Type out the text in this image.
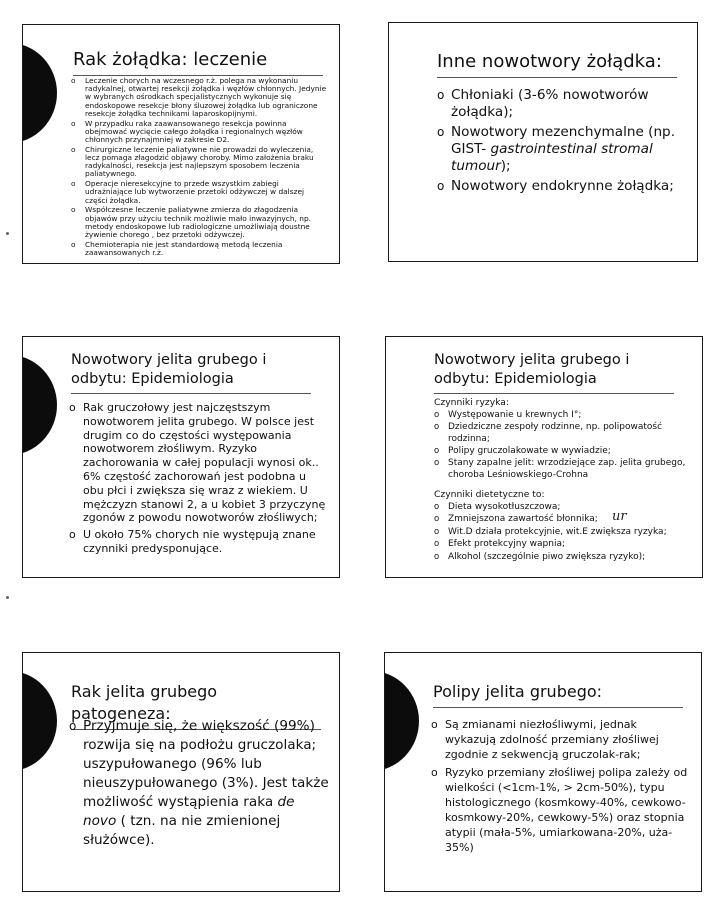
Rak żołądka: leczenie
o Leczenie chorych na wczesnego r.ż. polega na wykonaniu radykalnej, otwartej resekcji żołądka i węzłów chłonnych. Jedynie w wybranych ośrodkach specjalistycznych wykonuje się endoskopowe resekcje błony śluzowej żołądka lub ograniczone resekcje żołądka technikami laparoskopijnymi.
o W przypadku raka zaawansowanego resekcja powinna obejmować wycięcie całego żołądka i regionalnych węzłów chłonnych przynajmniej w zakresie D2.
o Chirurgiczne leczenie paliatywne nie prowadzi do wyleczenia, lecz pomaga złagodzić objawy choroby. Mimo założenia braku radykalności, resekcja jest najlepszym sposobem leczenia paliatywnego.
o Operacje nieresekcyjne to przede wszystkim zabiegi udrażniające lub wytworzenie przetoki odżywczej w dalszej części żołądka.
o Współczesne leczenie paliatywne zmierza do złagodzenia objawów przy użyciu technik możliwie mało inwazyjnych, np. metody endoskopowe lub radiologiczne umożliwiają doustne żywienie chorego , bez przetoki odżywczej.
o Chemioterapia nie jest standardową metodą leczenia zaawansowanych r.ż.
Inne nowotwory żołądka:
o Chłoniaki (3-6% nowotworów żołądka);
o Nowotwory mezenchymalne (np. GIST- gastrointestinal stromal tumour);
o Nowotwory endokrynne żołądka;
Nowotwory jelita grubego i odbytu: Epidemiologia
o Rak gruczołowy jest najczęstszym nowotworem jelita grubego. W polsce jest drugim co do częstości występowania nowotworem złośliwym. Ryzyko zachorowania w całej populacji wynosi ok.. 6% częstość zachorowań jest podobna u obu płci i zwiększa się wraz z wiekiem. U mężczyzn stanowi 2, a u kobiet 3 przyczynę zgonów z powodu nowotworów złośliwych;
o U około 75% chorych nie występują znane czynniki predysponujące.
Nowotwory jelita grubego i odbytu: Epidemiologia
Czynniki ryzyka:
o Występowanie u krewnych I°;
o Dziedziczne zespoły rodzinne, np. polipowatość rodzinna;
o Polipy gruczolakowate w wywiadzie;
o Stany zapalne jelit: wrzodziejące zap. jelita grubego, choroba Leśniowskiego-Crohna
Czynniki dietetyczne to:
o Dieta wysokotłuszczowa;
o Zmniejszona zawartość błonnika;
o Wit.D działa protekcyjnie, wit.E zwiększa ryzyka;
o Efekt protekcyjny wapnia;
o Alkohol (szczególnie piwo zwiększa ryzyko);
ur
Rak jelita grubego patogeneza:
o Przyjmuje się, że większość (99%) rozwija się na podłożu gruczolaka; uszypułowanego (96% lub nieuszypułowanego (3%). Jest także możliwość wystąpienia raka de novo ( tzn. na nie zmienionej służówce).
Polipy jelita grubego:
o Są zmianami niezłośliwymi, jednak wykazują zdolność przemiany złośliwej zgodnie z sekwencją gruczolak-rak;
o Ryzyko przemiany złośliwej polipa zależy od wielkości (<1cm-1%, > 2cm-50%), typu histologicznego (kosmkowy-40%, cewkowo-kosmkowy-20%, cewkowy-5%) oraz stopnia atypii (mała-5%, umiarkowana-20%, uża-35%)
